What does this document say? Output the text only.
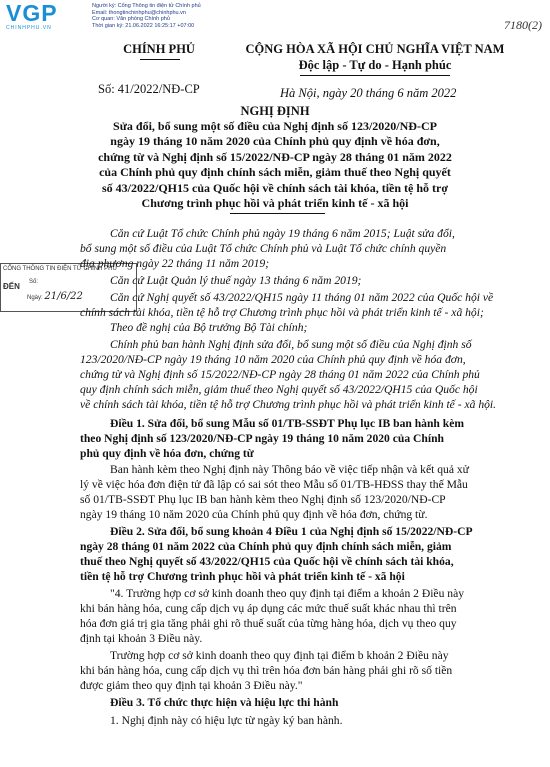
VGP
CHINHPHU.VN
Người ký: Cổng Thông tin điện tử Chính phủ
Email: thongtinchinhphu@chinhphu.vn
Cơ quan: Văn phòng Chính phủ
Thời gian ký: 21.06.2022 16:25:17 +07:00	7180(2)
CHÍNH PHỦ	CỘNG HÒA XÃ HỘI CHỦ NGHĨA VIỆT NAM
Độc lập - Tự do - Hạnh phúc
Số: 41/2022/NĐ-CP	Hà Nội, ngày 20 tháng 6 năm 2022
NGHỊ ĐỊNH
Sửa đổi, bổ sung một số điều của Nghị định số 123/2020/NĐ-CP
ngày 19 tháng 10 năm 2020 của Chính phủ quy định về hóa đơn,
chứng từ và Nghị định số 15/2022/NĐ-CP ngày 28 tháng 01 năm 2022
của Chính phủ quy định chính sách miễn, giảm thuế theo Nghị quyết
số 43/2022/QH15 của Quốc hội về chính sách tài khóa, tiền tệ hỗ trợ
Chương trình phục hồi và phát triển kinh tế - xã hội
CỔNG THÔNG TIN ĐIỆN TỬ CHÍNH PHỦ
ĐẾN Số:
Ngày: 21/6/22
Căn cứ Luật Tổ chức Chính phủ ngày 19 tháng 6 năm 2015; Luật sửa đổi,
bổ sung một số điều của Luật Tổ chức Chính phủ và Luật Tổ chức chính quyền
địa phương ngày 22 tháng 11 năm 2019;
Căn cứ Luật Quản lý thuế ngày 13 tháng 6 năm 2019;
Căn cứ Nghị quyết số 43/2022/QH15 ngày 11 tháng 01 năm 2022 của Quốc hội về
chính sách tài khóa, tiền tệ hỗ trợ Chương trình phục hồi và phát triển kinh tế - xã hội;
Theo đề nghị của Bộ trưởng Bộ Tài chính;
Chính phủ ban hành Nghị định sửa đổi, bổ sung một số điều của Nghị định số
123/2020/NĐ-CP ngày 19 tháng 10 năm 2020 của Chính phủ quy định về hóa đơn,
chứng từ và Nghị định số 15/2022/NĐ-CP ngày 28 tháng 01 năm 2022 của Chính phủ
quy định chính sách miễn, giảm thuế theo Nghị quyết số 43/2022/QH15 của Quốc hội
về chính sách tài khóa, tiền tệ hỗ trợ Chương trình phục hồi và phát triển kinh tế - xã hội.
Điều 1. Sửa đổi, bổ sung Mẫu số 01/TB-SSĐT Phụ lục IB ban hành kèm
theo Nghị định số 123/2020/NĐ-CP ngày 19 tháng 10 năm 2020 của Chính
phủ quy định về hóa đơn, chứng từ
Ban hành kèm theo Nghị định này Thông báo về việc tiếp nhận và kết quả xử
lý về việc hóa đơn điện tử đã lập có sai sót theo Mẫu số 01/TB-HĐSS thay thế Mẫu
số 01/TB-SSĐT Phụ lục IB ban hành kèm theo Nghị định số 123/2020/NĐ-CP
ngày 19 tháng 10 năm 2020 của Chính phủ quy định về hóa đơn, chứng từ.
Điều 2. Sửa đổi, bổ sung khoản 4 Điều 1 của Nghị định số 15/2022/NĐ-CP
ngày 28 tháng 01 năm 2022 của Chính phủ quy định chính sách miễn, giảm
thuế theo Nghị quyết số 43/2022/QH15 của Quốc hội về chính sách tài khóa,
tiền tệ hỗ trợ Chương trình phục hồi và phát triển kinh tế - xã hội
"4. Trường hợp cơ sở kinh doanh theo quy định tại điểm a khoản 2 Điều này
khi bán hàng hóa, cung cấp dịch vụ áp dụng các mức thuế suất khác nhau thì trên
hóa đơn giá trị gia tăng phải ghi rõ thuế suất của từng hàng hóa, dịch vụ theo quy
định tại khoản 3 Điều này.
Trường hợp cơ sở kinh doanh theo quy định tại điểm b khoản 2 Điều này
khi bán hàng hóa, cung cấp dịch vụ thì trên hóa đơn bán hàng phải ghi rõ số tiền
được giảm theo quy định tại khoản 3 Điều này."
Điều 3. Tổ chức thực hiện và hiệu lực thi hành
1. Nghị định này có hiệu lực từ ngày ký ban hành.
